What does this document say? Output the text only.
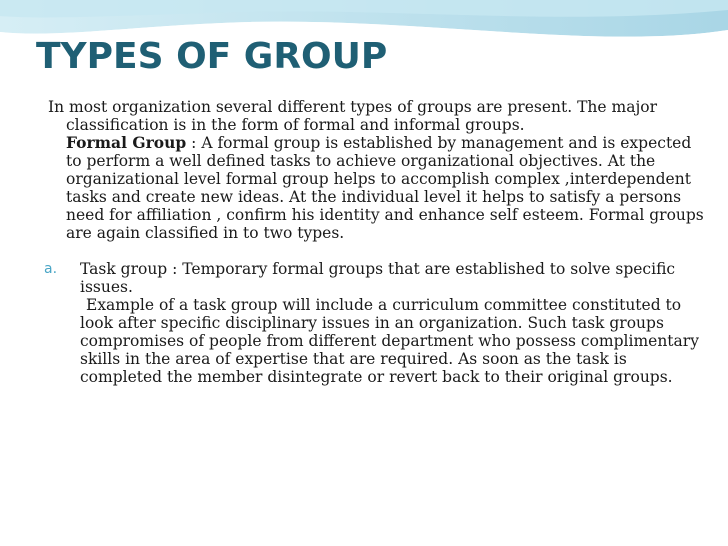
TYPES OF GROUP

In most organization several different types of groups are present. The major classification is in the form of formal and informal groups.

Formal Group : A formal group is established by management and is expected to perform a well defined tasks to achieve organizational objectives. At the organizational level formal group helps to accomplish complex ,interdependent tasks and create new ideas. At the individual level it helps to satisfy a persons need for affiliation , confirm his identity and enhance self esteem. Formal groups are again classified in to two types.

a. Task group : Temporary formal groups that are established to solve specific issues.

Example of a task group will include a curriculum committee constituted to look after specific disciplinary issues in an organization. Such task groups compromises of people from different department who possess complimentary skills in the area of expertise that are required. As soon as the task is completed the member disintegrate or revert back to their original groups.
